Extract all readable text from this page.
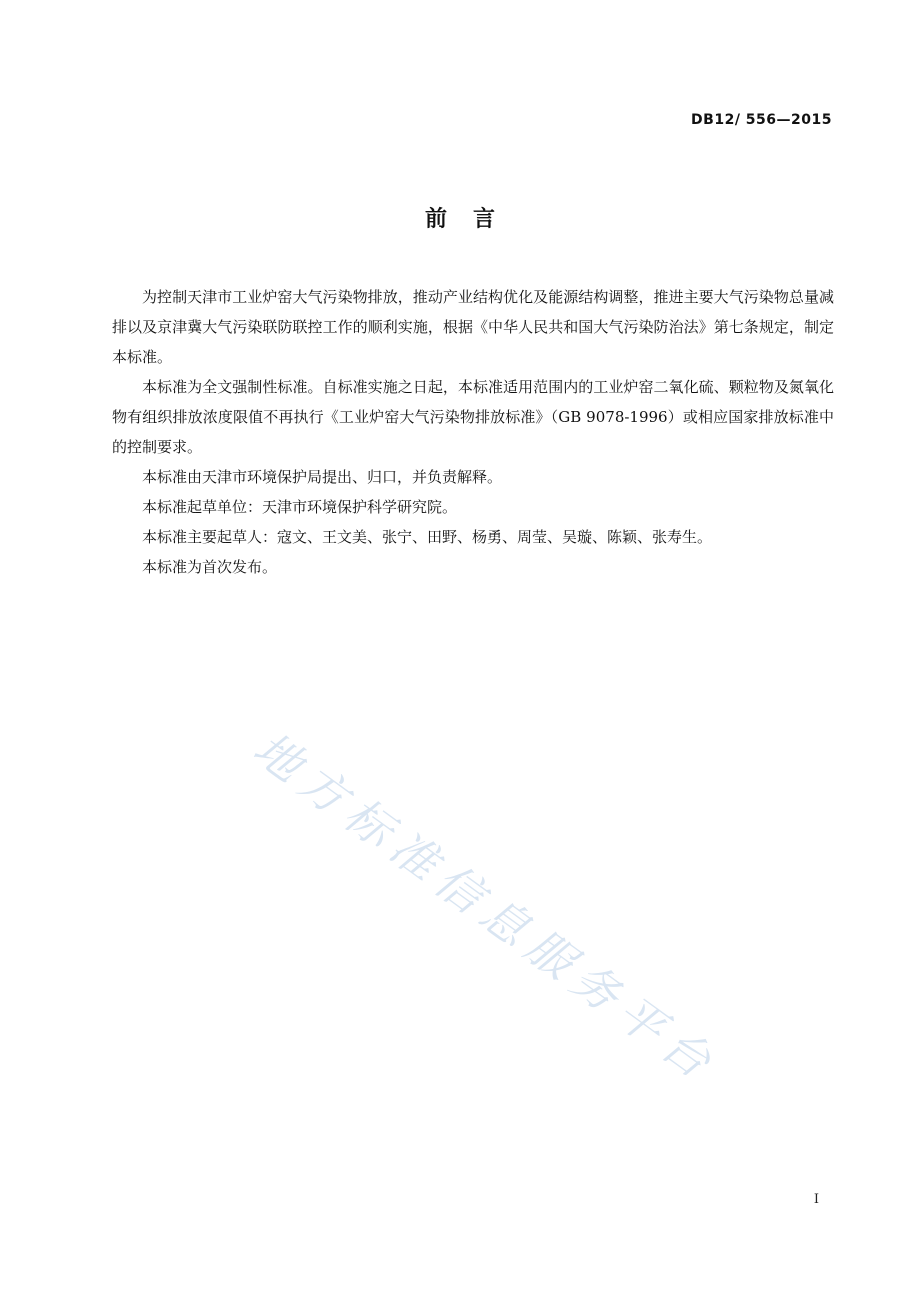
DB12/ 556—2015
前 言

为控制天津市工业炉窑大气污染物排放，推动产业结构优化及能源结构调整，推进主要大气污染物总量减排以及京津冀大气污染联防联控工作的顺利实施，根据《中华人民共和国大气污染防治法》第七条规定，制定本标准。

本标准为全文强制性标准。自标准实施之日起，本标准适用范围内的工业炉窑二氧化硫、颗粒物及氮氧化物有组织排放浓度限值不再执行《工业炉窑大气污染物排放标准》（GB 9078-1996）或相应国家排放标准中的控制要求。

本标准由天津市环境保护局提出、归口，并负责解释。

本标准起草单位：天津市环境保护科学研究院。

本标准主要起草人：寇文、王文美、张宁、田野、杨勇、周莹、吴璇、陈颖、张寿生。

本标准为首次发布。

地方标准信息服务平台
I
